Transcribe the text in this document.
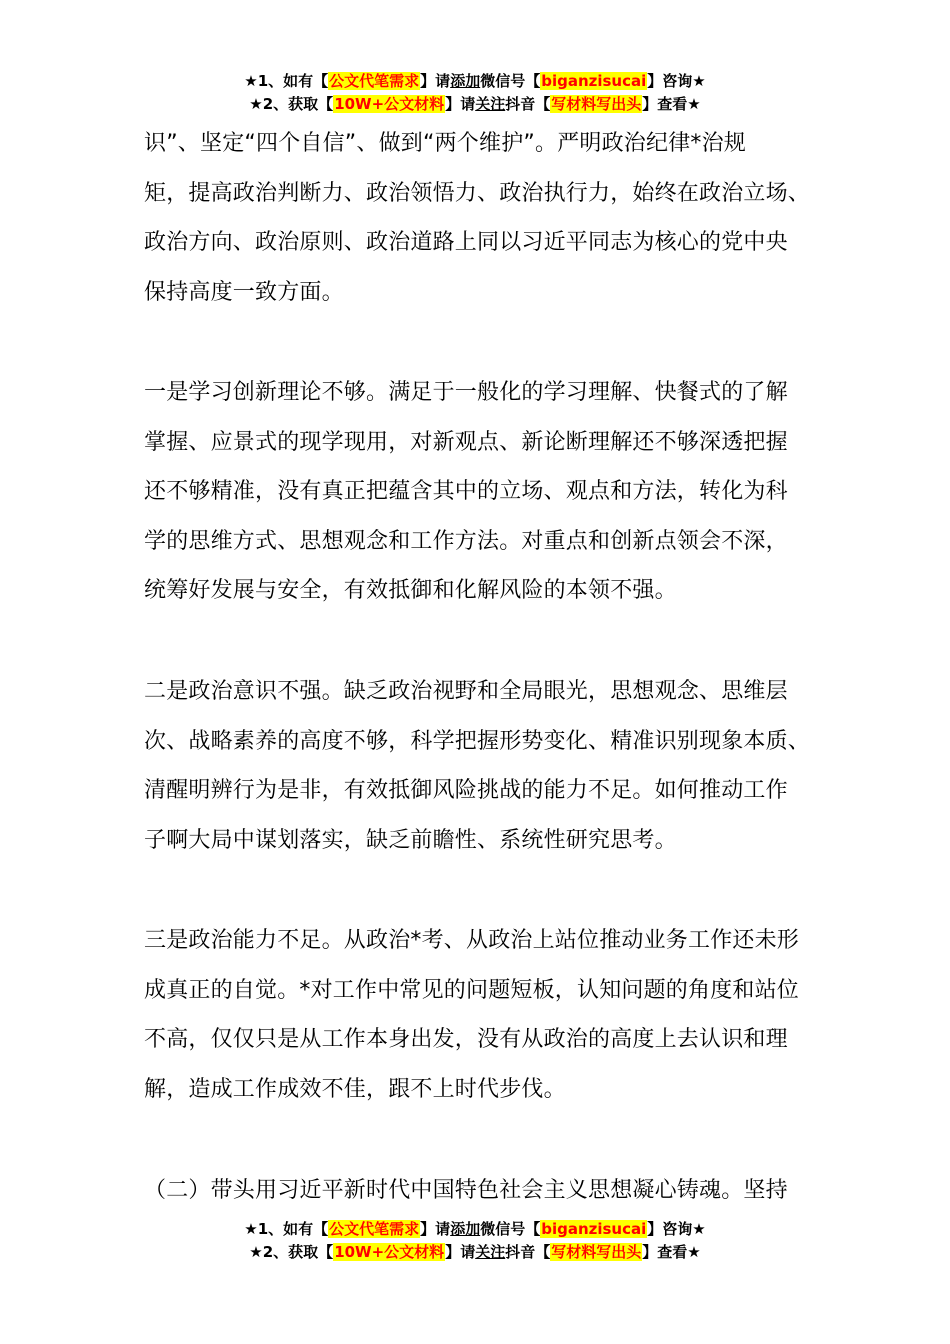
★1、如有【公文代笔需求】请添加微信号【biganzisucai】咨询★
★2、获取【10W+公文材料】请关注抖音【写材料写出头】查看★

识”、坚定“四个自信”、做到“两个维护”。严明政治纪律*治规
矩，提高政治判断力、政治领悟力、政治执行力，始终在政治立场、
政治方向、政治原则、政治道路上同以习近平同志为核心的党中央
保持高度一致方面。

一是学习创新理论不够。满足于一般化的学习理解、快餐式的了解
掌握、应景式的现学现用，对新观点、新论断理解还不够深透把握
还不够精准，没有真正把蕴含其中的立场、观点和方法，转化为科
学的思维方式、思想观念和工作方法。对重点和创新点领会不深，
统筹好发展与安全，有效抵御和化解风险的本领不强。

二是政治意识不强。缺乏政治视野和全局眼光，思想观念、思维层
次、战略素养的高度不够，科学把握形势变化、精准识别现象本质、
清醒明辨行为是非，有效抵御风险挑战的能力不足。如何推动工作
子啊大局中谋划落实，缺乏前瞻性、系统性研究思考。

三是政治能力不足。从政治*考、从政治上站位推动业务工作还未形
成真正的自觉。*对工作中常见的问题短板，认知问题的角度和站位
不高，仅仅只是从工作本身出发，没有从政治的高度上去认识和理
解，造成工作成效不佳，跟不上时代步伐。

（二）带头用习近平新时代中国特色社会主义思想凝心铸魂。坚持

★1、如有【公文代笔需求】请添加微信号【biganzisucai】咨询★
★2、获取【10W+公文材料】请关注抖音【写材料写出头】查看★
